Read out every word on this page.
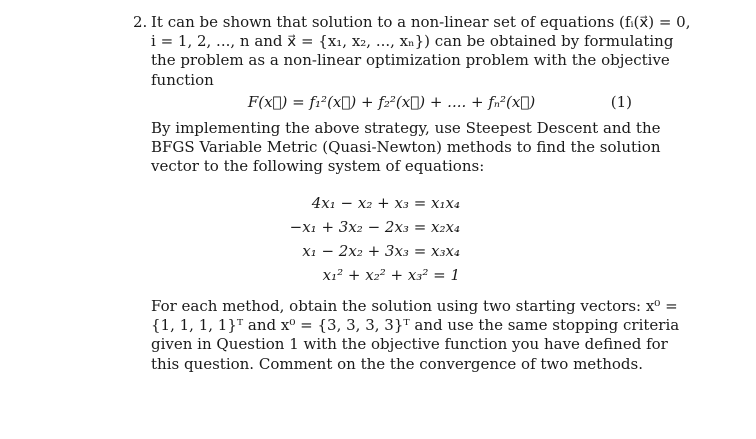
2. It can be shown that solution to a non-linear set of equations (fᵢ(x⃗) = 0,
i = 1, 2, ..., n and x⃗ = {x₁, x₂, ..., xₙ}) can be obtained by formulating
the problem as a non-linear optimization problem with the objective
function
F(x⃗) = f₁²(x⃗) + f₂²(x⃗) + .... + fₙ²(x⃗)	(1)
By implementing the above strategy, use Steepest Descent and the
BFGS Variable Metric (Quasi-Newton) methods to find the solution
vector to the following system of equations:
4x₁ − x₂ + x₃ = x₁x₄
−x₁ + 3x₂ − 2x₃ = x₂x₄
x₁ − 2x₂ + 3x₃ = x₃x₄
x₁² + x₂² + x₃² = 1
For each method, obtain the solution using two starting vectors: x⁰ =
{1, 1, 1, 1}ᵀ and x⁰ = {3, 3, 3, 3}ᵀ and use the same stopping criteria
given in Question 1 with the objective function you have defined for
this question. Comment on the the convergence of two methods.
